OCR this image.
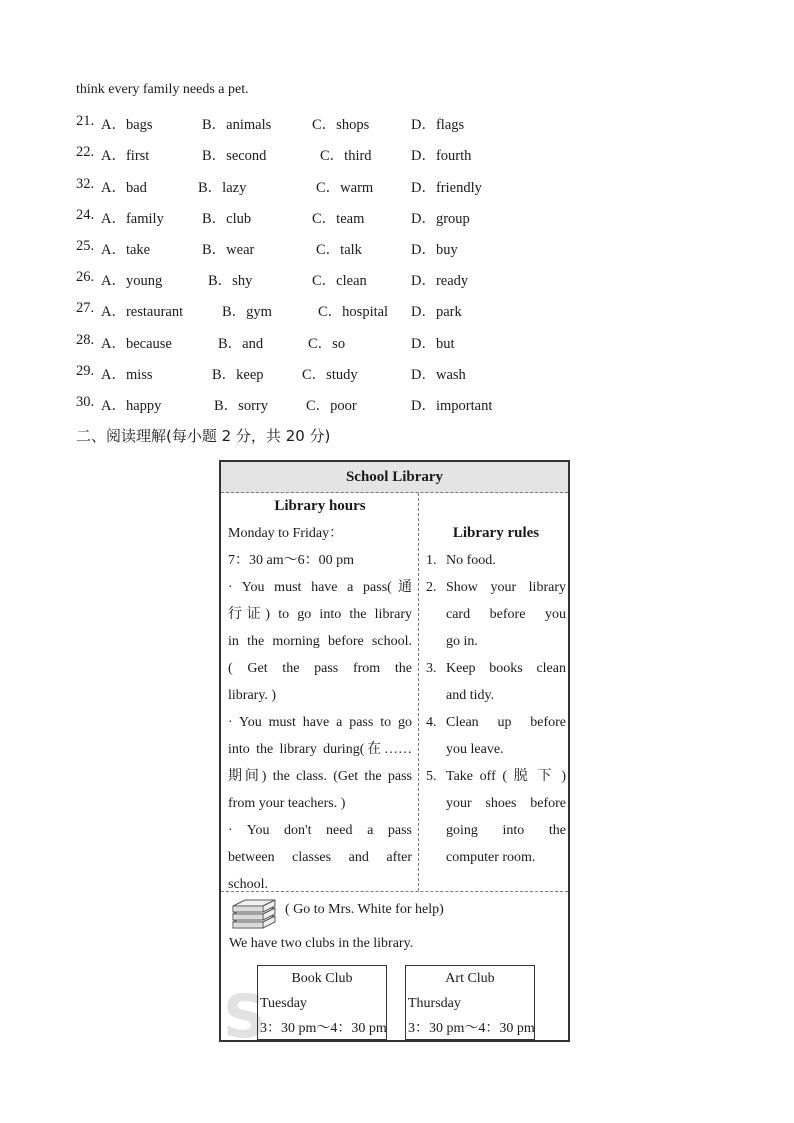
think every family needs a pet.
21. A．bags	B．animals	C．shops	D．flags
22. A．first	B．second	C．third	D．fourth
32. A．bad	B．lazy	C．warm	D．friendly
24. A．family	B．club	C．team	D．group
25. A．take	B．wear	C．talk	D．buy
26. A．young	B．shy	C．clean	D．ready
27. A．restaurant	B．gym	C．hospital D．park
28. A．because	B．and	C．so	D．but
29. A．miss	B．keep	C．study	D．wash
30. A．happy	B．sorry	C．poor	D．important
二、阅读理解(每小题 2 分，共 20 分)
School Library
Library hours
Monday to Friday：
7：30 am～6：00 pm
· You must have a pass(通
行证) to go into the library
in the morning before school.
( Get the pass from the
library. )
· You must have a pass to go
into the library during(在……
期间) the class. (Get the pass
from your teachers. )
· You don't need a pass
between classes and after
school.
Library rules
1. No food.
2. Show your library
card before you
go in.
3. Keep books clean
and tidy.
4. Clean up before
you leave.
5. Take off ( 脱 下 )
your shoes before
going into the
computer room.
( Go to Mrs. White for help)
We have two clubs in the library.
S
Book Club
Tuesday
3：30 pm～4：30 pm
Art Club
Thursday
3：30 pm～4：30 pm
